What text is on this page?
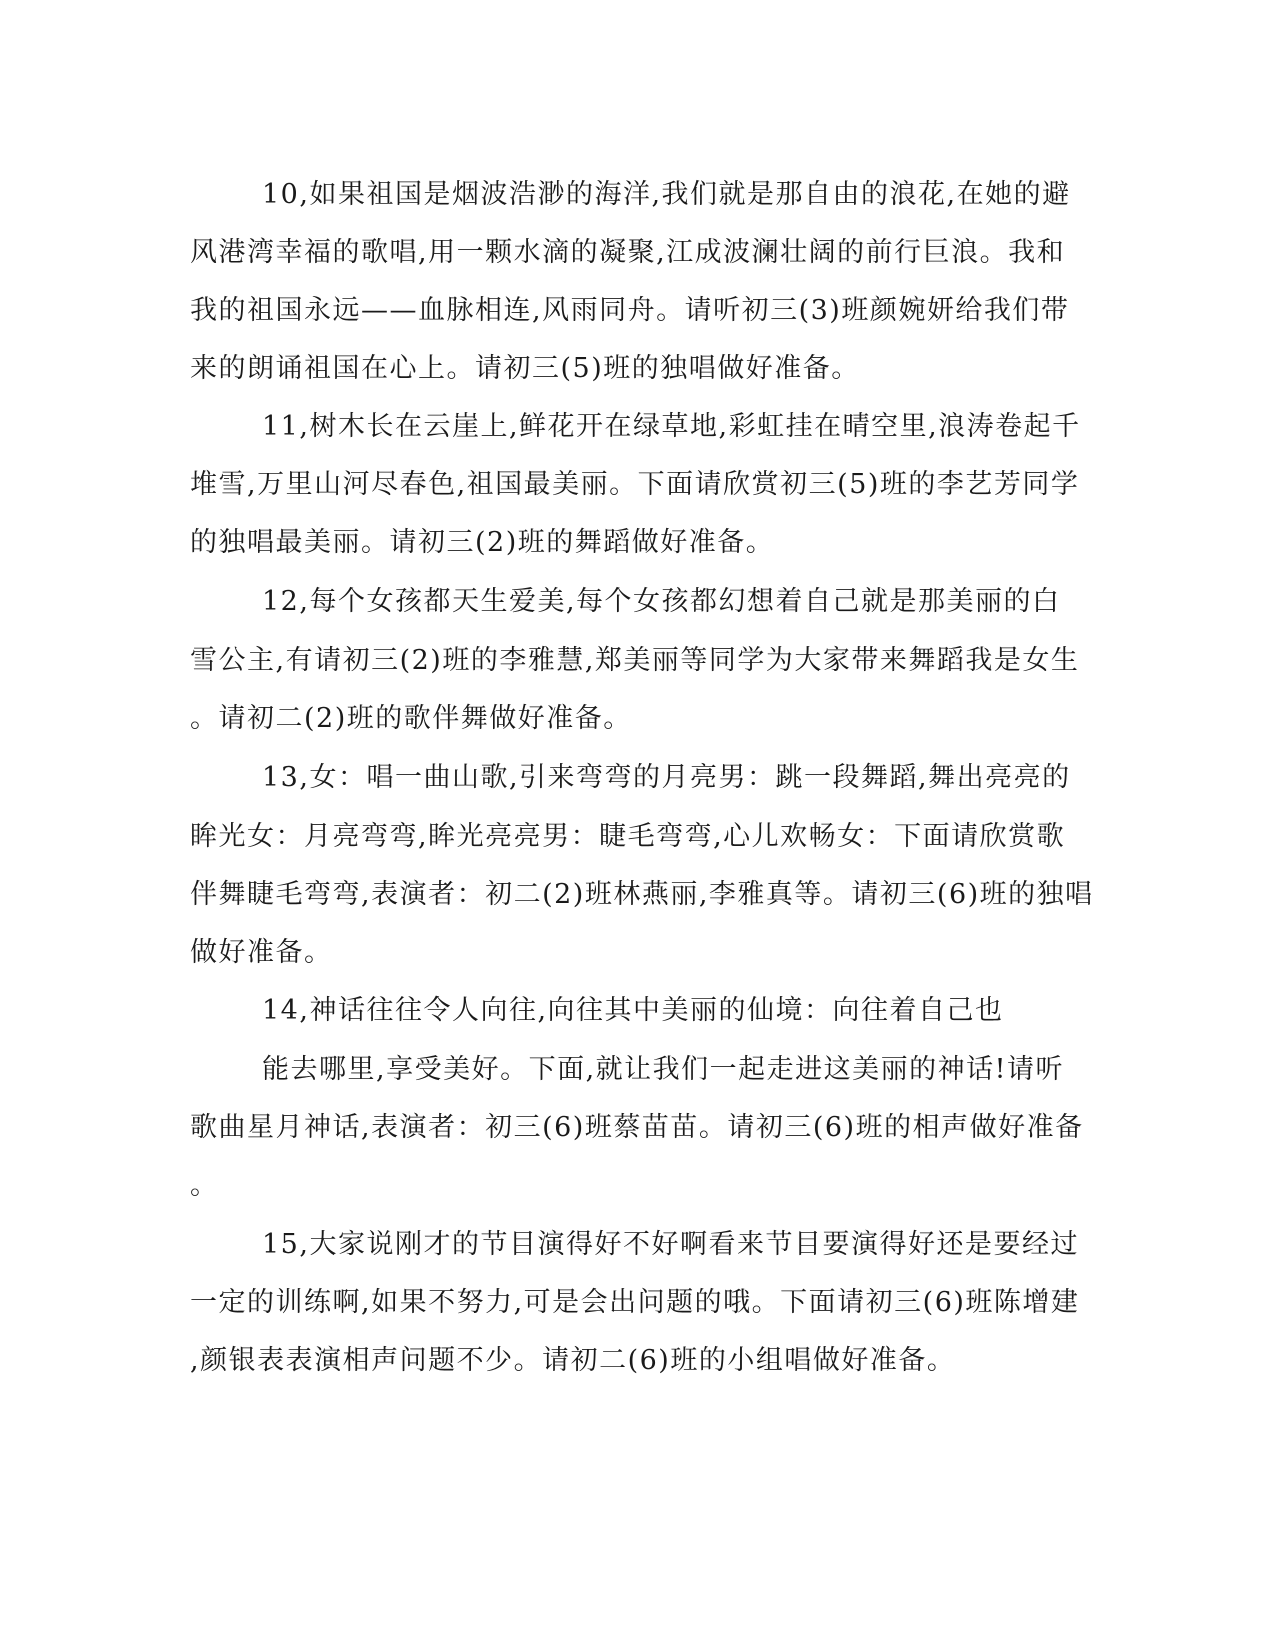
10,如果祖国是烟波浩渺的海洋,我们就是那自由的浪花,在她的避
风港湾幸福的歌唱,用一颗水滴的凝聚,江成波澜壮阔的前行巨浪。我和
我的祖国永远——血脉相连,风雨同舟。请听初三(3)班颜婉妍给我们带
来的朗诵祖国在心上。请初三(5)班的独唱做好准备。
11,树木长在云崖上,鲜花开在绿草地,彩虹挂在晴空里,浪涛卷起千
堆雪,万里山河尽春色,祖国最美丽。下面请欣赏初三(5)班的李艺芳同学
的独唱最美丽。请初三(2)班的舞蹈做好准备。
12,每个女孩都天生爱美,每个女孩都幻想着自己就是那美丽的白
雪公主,有请初三(2)班的李雅慧,郑美丽等同学为大家带来舞蹈我是女生
。请初二(2)班的歌伴舞做好准备。
13,女：唱一曲山歌,引来弯弯的月亮男：跳一段舞蹈,舞出亮亮的
眸光女：月亮弯弯,眸光亮亮男：睫毛弯弯,心儿欢畅女：下面请欣赏歌
伴舞睫毛弯弯,表演者：初二(2)班林燕丽,李雅真等。请初三(6)班的独唱
做好准备。
14,神话往往令人向往,向往其中美丽的仙境：向往着自己也
能去哪里,享受美好。下面,就让我们一起走进这美丽的神话!请听
歌曲星月神话,表演者：初三(6)班蔡苗苗。请初三(6)班的相声做好准备
。
15,大家说刚才的节目演得好不好啊看来节目要演得好还是要经过
一定的训练啊,如果不努力,可是会出问题的哦。下面请初三(6)班陈增建
,颜银表表演相声问题不少。请初二(6)班的小组唱做好准备。
